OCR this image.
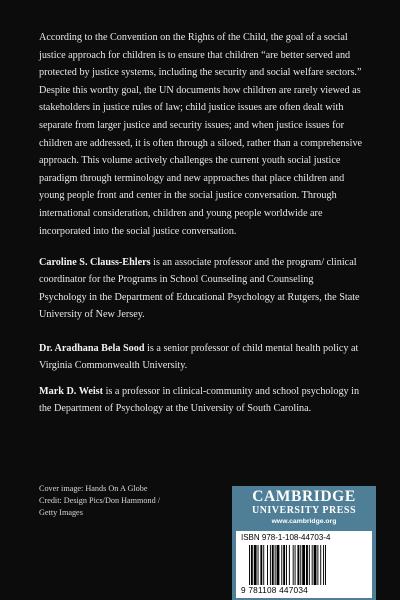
According to the Convention on the Rights of the Child, the goal of a social justice approach for children is to ensure that children “are better served and protected by justice systems, including the security and social welfare sectors.” Despite this worthy goal, the UN documents how children are rarely viewed as stakeholders in justice rules of law; child justice issues are often dealt with separate from larger justice and security issues; and when justice issues for children are addressed, it is often through a siloed, rather than a comprehensive approach. This volume actively challenges the current youth social justice paradigm through terminology and new approaches that place children and young people front and center in the social justice conversation. Through international consideration, children and young people worldwide are incorporated into the social justice conversation.

Caroline S. Clauss-Ehlers is an associate professor and the program/ clinical coordinator for the Programs in School Counseling and Counseling Psychology in the Department of Educational Psychology at Rutgers, the State University of New Jersey.

Dr. Aradhana Bela Sood is a senior professor of child mental health policy at Virginia Commonwealth University.

Mark D. Weist is a professor in clinical-community and school psychology in the Department of Psychology at the University of South Carolina.

Cover image: Hands On A Globe
Credit: Design Pics/Don Hammond /
Getty Images
CAMBRIDGE
UNIVERSITY PRESS
www.cambridge.org
ISBN 978-1-108-44703-4
9 781108 447034
